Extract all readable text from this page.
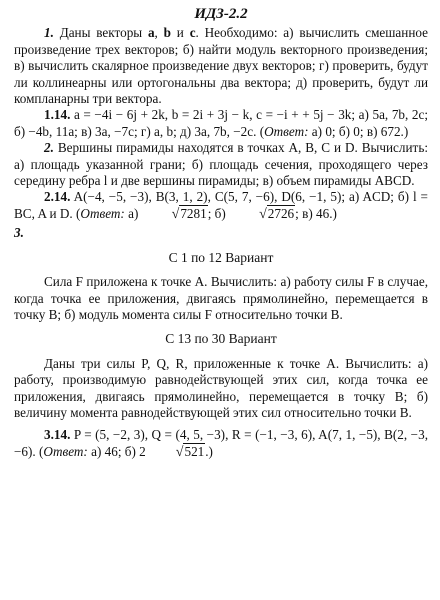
ИДЗ-2.2

1. Даны векторы a, b и c. Необходимо: а) вычислить смешанное произведение трех векторов; б) найти модуль векторного произведения; в) вычислить скалярное произведение двух векторов; г) проверить, будут ли коллинеарны или ортогональны два вектора; д) проверить, будут ли компланарны три вектора.

1.14. a = −4i − 6j + 2k, b = 2i + 3j − k, c = −i + + 5j − 3k; а) 5a, 7b, 2c; б) −4b, 11a; в) 3a, −7c; г) a, b; д) 3a, 7b, −2c. (Ответ: а) 0; б) 0; в) 672.)

2. Вершины пирамиды находятся в точках A, B, C и D. Вычислить: а) площадь указанной грани; б) площадь сечения, проходящего через середину ребра l и две вершины пирамиды; в) объем пирамиды ABCD.

2.14. A(−4, −5, −3), B(3, 1, 2), C(5, 7, −6), D(6, −1, 5); а) ACD; б) l = BC, A и D. (Ответ: а) √7281; б) √2726; в) 46.)

3.
С 1 по 12 Вариант

Сила F приложена к точке A. Вычислить: а) работу силы F в случае, когда точка ее приложения, двигаясь прямолинейно, перемещается в точку B; б) модуль момента силы F относительно точки B.

С 13 по 30 Вариант

Даны три силы P, Q, R, приложенные к точке A. Вычислить: а) работу, производимую равнодействующей этих сил, когда точка ее приложения, двигаясь прямолинейно, перемещается в точку B; б) величину момента равнодействующей этих сил относительно точки B.

3.14. P = (5, −2, 3), Q = (4, 5, −3), R = (−1, −3, 6), A(7, 1, −5), B(2, −3, −6). (Ответ: а) 46; б) 2 √521.)
